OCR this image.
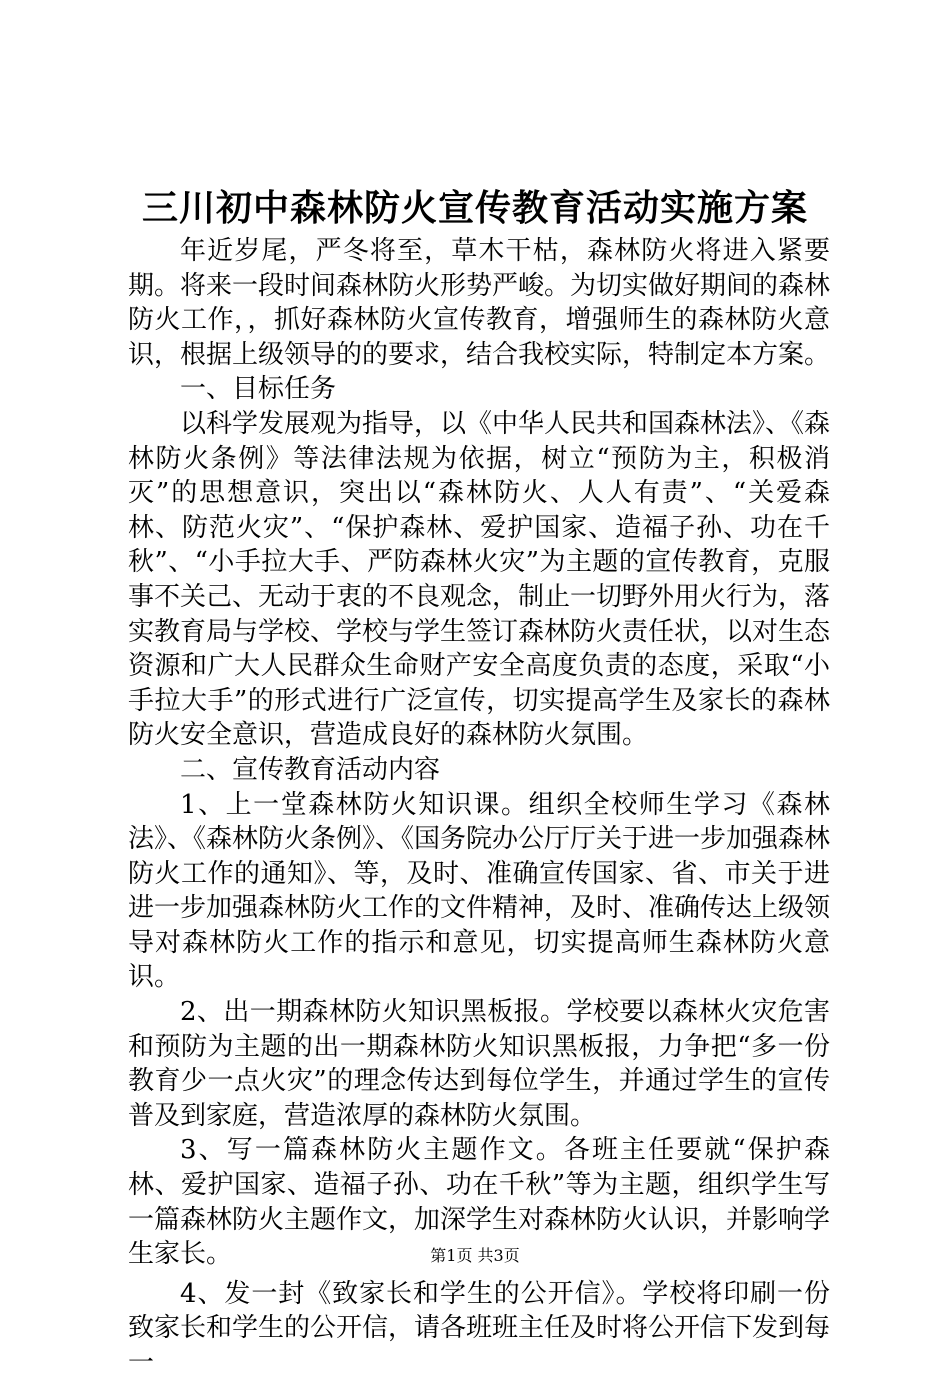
三川初中森林防火宣传教育活动实施方案

年近岁尾，严冬将至，草木干枯，森林防火将进入紧要期。将来一段时间森林防火形势严峻。为切实做好期间的森林防火工作，，抓好森林防火宣传教育，增强师生的森林防火意识，根据上级领导的的要求，结合我校实际，特制定本方案。

一、目标任务

以科学发展观为指导，以《中华人民共和国森林法》、《森林防火条例》等法律法规为依据，树立“预防为主，积极消灭”的思想意识，突出以“森林防火、人人有责”、“关爱森林、防范火灾”、“保护森林、爱护国家、造福子孙、功在千秋”、“小手拉大手、严防森林火灾”为主题的宣传教育，克服事不关己、无动于衷的不良观念，制止一切野外用火行为，落实教育局与学校、学校与学生签订森林防火责任状，以对生态资源和广大人民群众生命财产安全高度负责的态度，采取“小手拉大手”的形式进行广泛宣传，切实提高学生及家长的森林防火安全意识，营造成良好的森林防火氛围。

二、宣传教育活动内容

1、上一堂森林防火知识课。组织全校师生学习《森林法》、《森林防火条例》、《国务院办公厅厅关于进一步加强森林防火工作的通知》、等，及时、准确宣传国家、省、市关于进进一步加强森林防火工作的文件精神，及时、准确传达上级领导对森林防火工作的指示和意见，切实提高师生森林防火意识。

2、出一期森林防火知识黑板报。学校要以森林火灾危害和预防为主题的出一期森林防火知识黑板报，力争把“多一份教育少一点火灾”的理念传达到每位学生，并通过学生的宣传普及到家庭，营造浓厚的森林防火氛围。

3、写一篇森林防火主题作文。各班主任要就“保护森林、爱护国家、造福子孙、功在千秋”等为主题，组织学生写一篇森林防火主题作文，加深学生对森林防火认识，并影响学生家长。

4、发一封《致家长和学生的公开信》。学校将印刷一份致家长和学生的公开信，请各班班主任及时将公开信下发到每一

第1页 共3页
